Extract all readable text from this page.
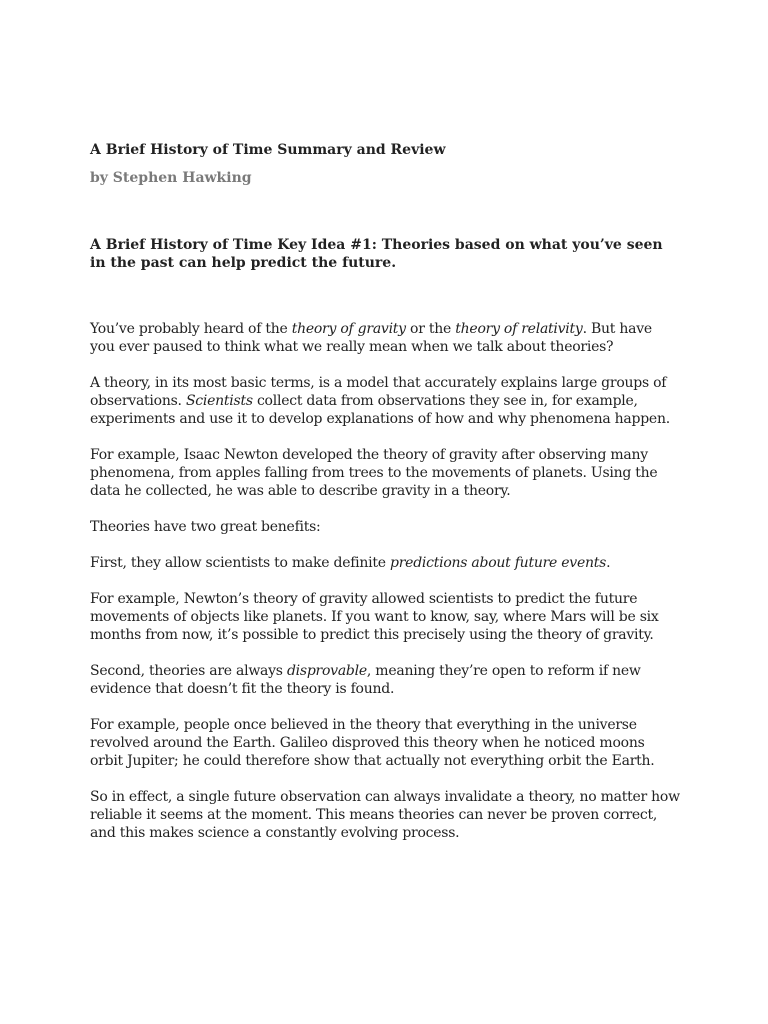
A Brief History of Time Summary and Review

by Stephen Hawking

A Brief History of Time Key Idea #1: Theories based on what you’ve seen in the past can help predict the future.

You’ve probably heard of the theory of gravity or the theory of relativity. But have you ever paused to think what we really mean when we talk about theories?

A theory, in its most basic terms, is a model that accurately explains large groups of observations. Scientists collect data from observations they see in, for example, experiments and use it to develop explanations of how and why phenomena happen.

For example, Isaac Newton developed the theory of gravity after observing many phenomena, from apples falling from trees to the movements of planets. Using the data he collected, he was able to describe gravity in a theory.

Theories have two great benefits:

First, they allow scientists to make definite predictions about future events.

For example, Newton’s theory of gravity allowed scientists to predict the future movements of objects like planets. If you want to know, say, where Mars will be six months from now, it’s possible to predict this precisely using the theory of gravity.

Second, theories are always disprovable, meaning they’re open to reform if new evidence that doesn’t fit the theory is found.

For example, people once believed in the theory that everything in the universe revolved around the Earth. Galileo disproved this theory when he noticed moons orbit Jupiter; he could therefore show that actually not everything orbit the Earth.

So in effect, a single future observation can always invalidate a theory, no matter how reliable it seems at the moment. This means theories can never be proven correct, and this makes science a constantly evolving process.
